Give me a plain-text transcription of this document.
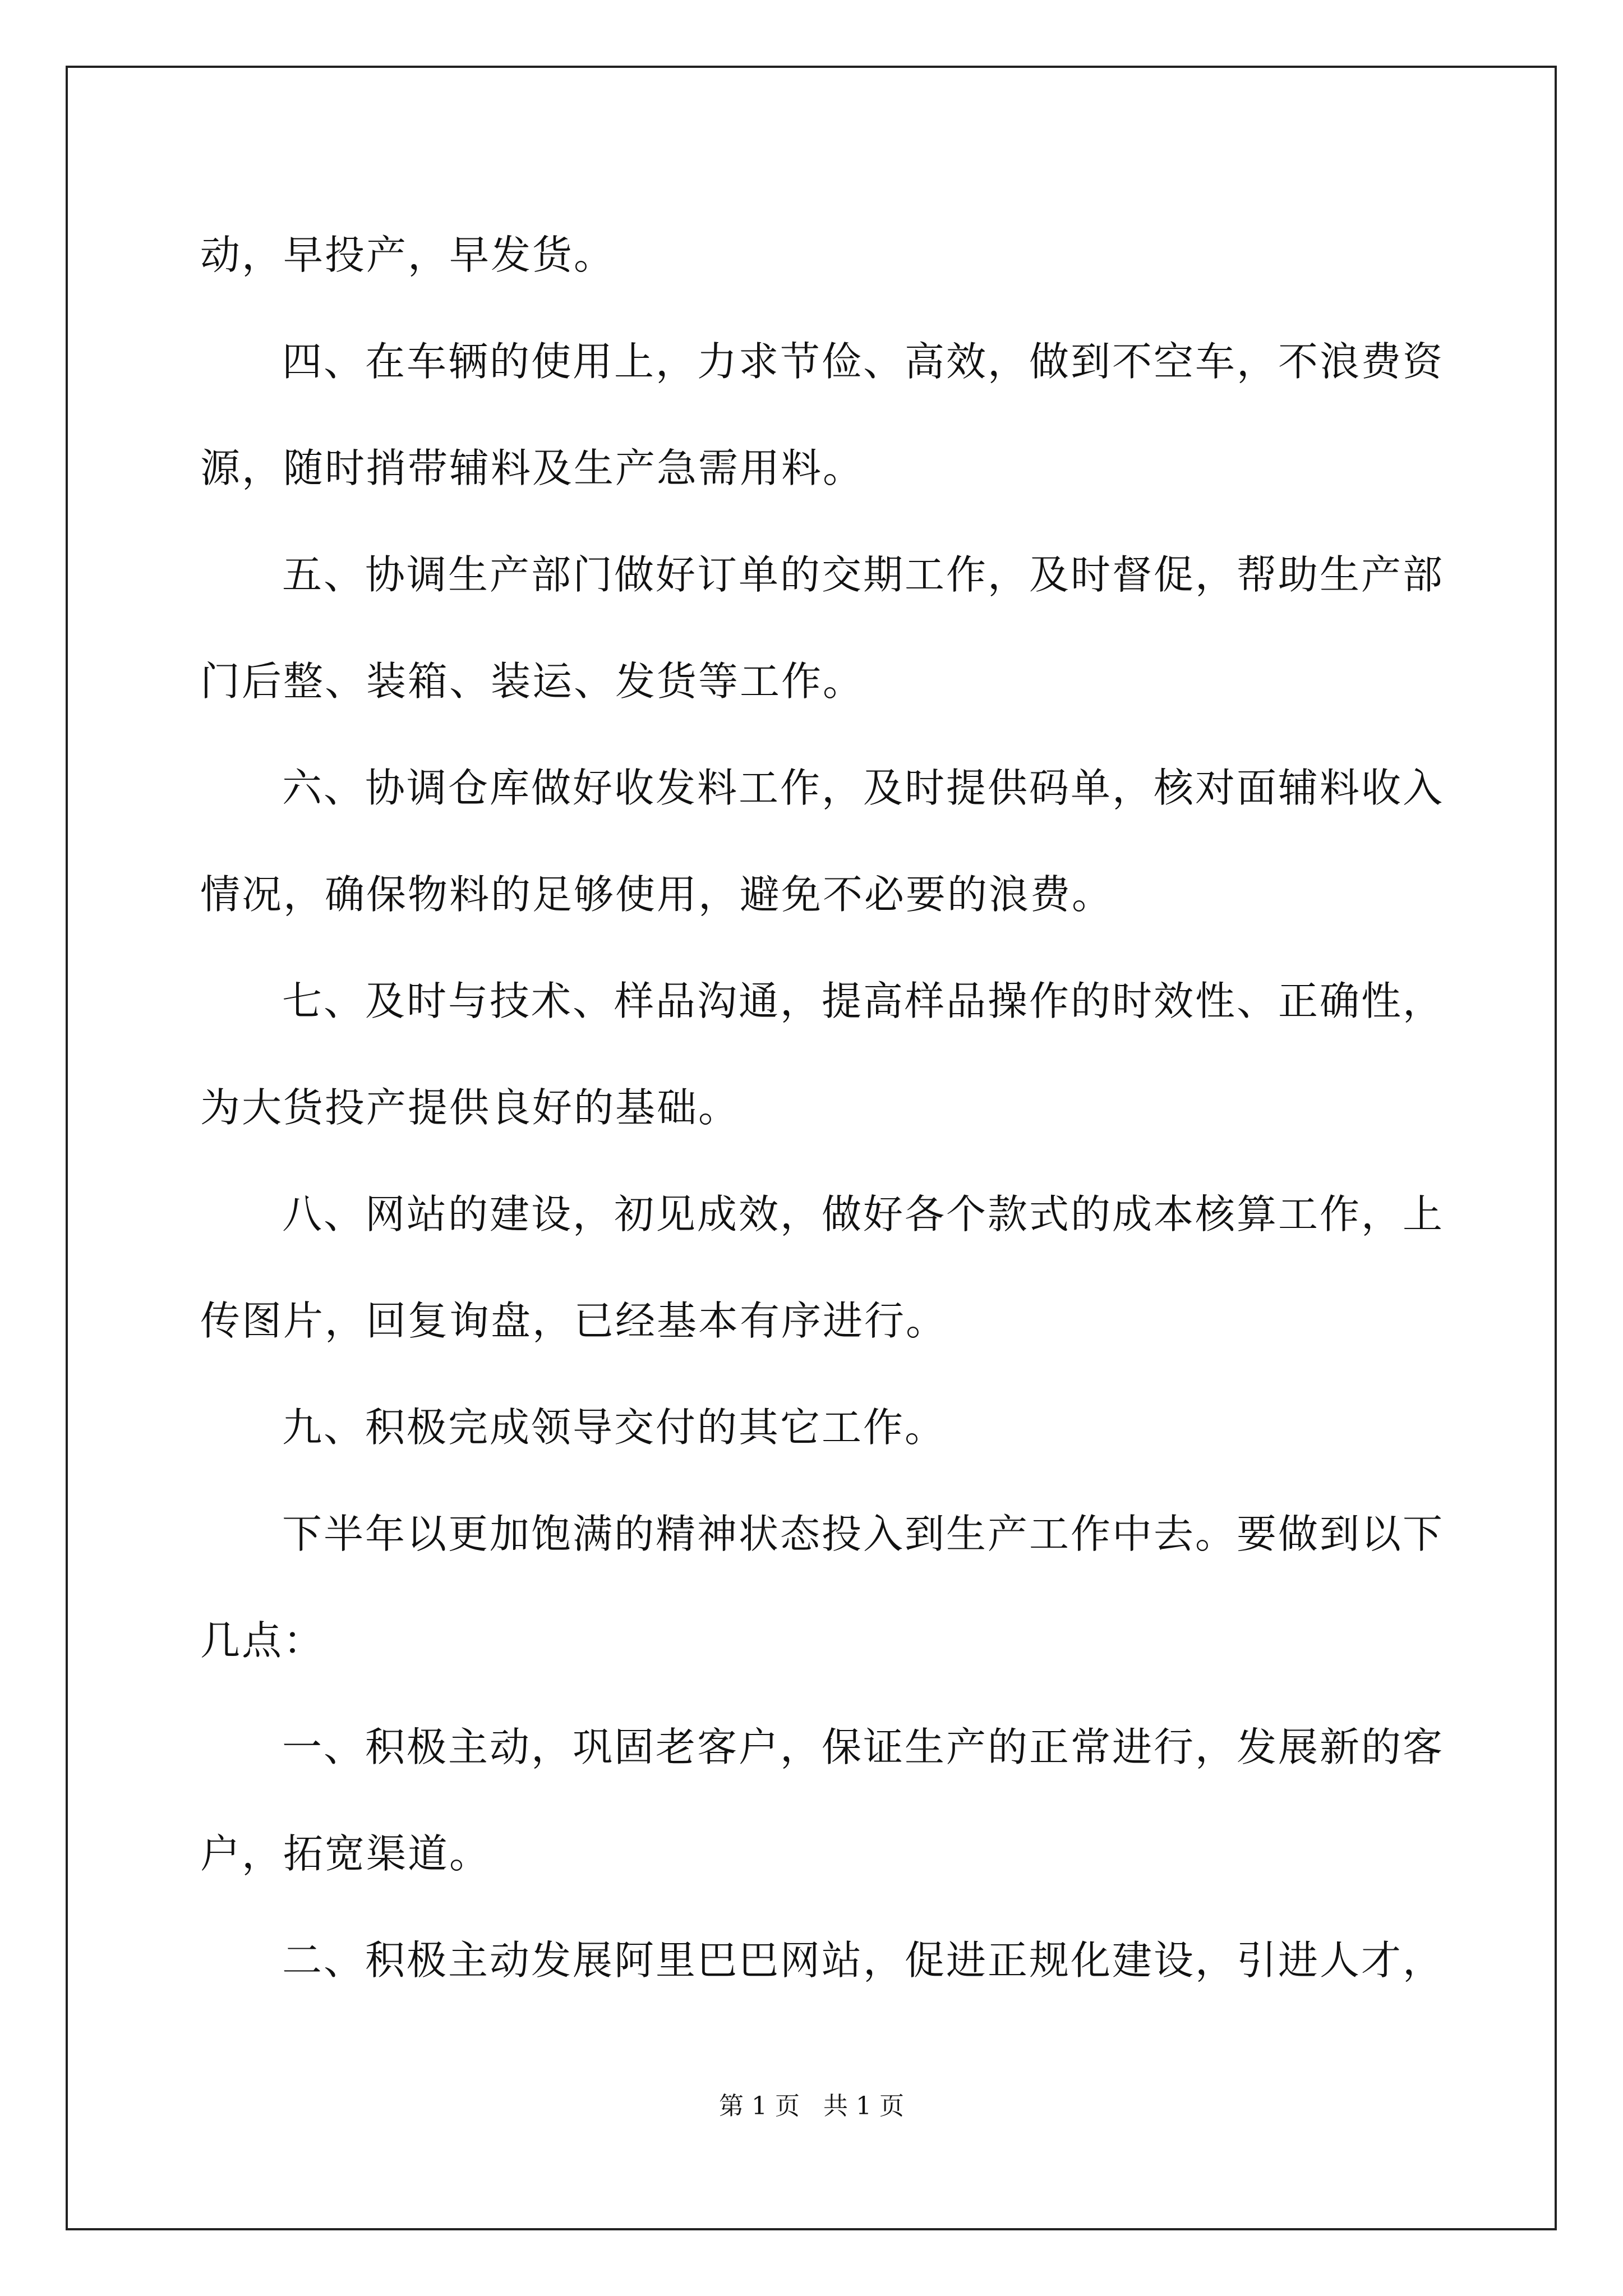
动，早投产，早发货。
四、在车辆的使用上，力求节俭、高效，做到不空车，不浪费资
源，随时捎带辅料及生产急需用料。
五、协调生产部门做好订单的交期工作，及时督促，帮助生产部
门后整、装箱、装运、发货等工作。
六、协调仓库做好收发料工作，及时提供码单，核对面辅料收入
情况，确保物料的足够使用，避免不必要的浪费。
七、及时与技术、样品沟通，提高样品操作的时效性、正确性，
为大货投产提供良好的基础。
八、网站的建设，初见成效，做好各个款式的成本核算工作，上
传图片，回复询盘，已经基本有序进行。
九、积极完成领导交付的其它工作。
下半年以更加饱满的精神状态投入到生产工作中去。要做到以下
几点：
一、积极主动，巩固老客户，保证生产的正常进行，发展新的客
户，拓宽渠道。
二、积极主动发展阿里巴巴网站，促进正规化建设，引进人才，
第 1 页   共 1 页
